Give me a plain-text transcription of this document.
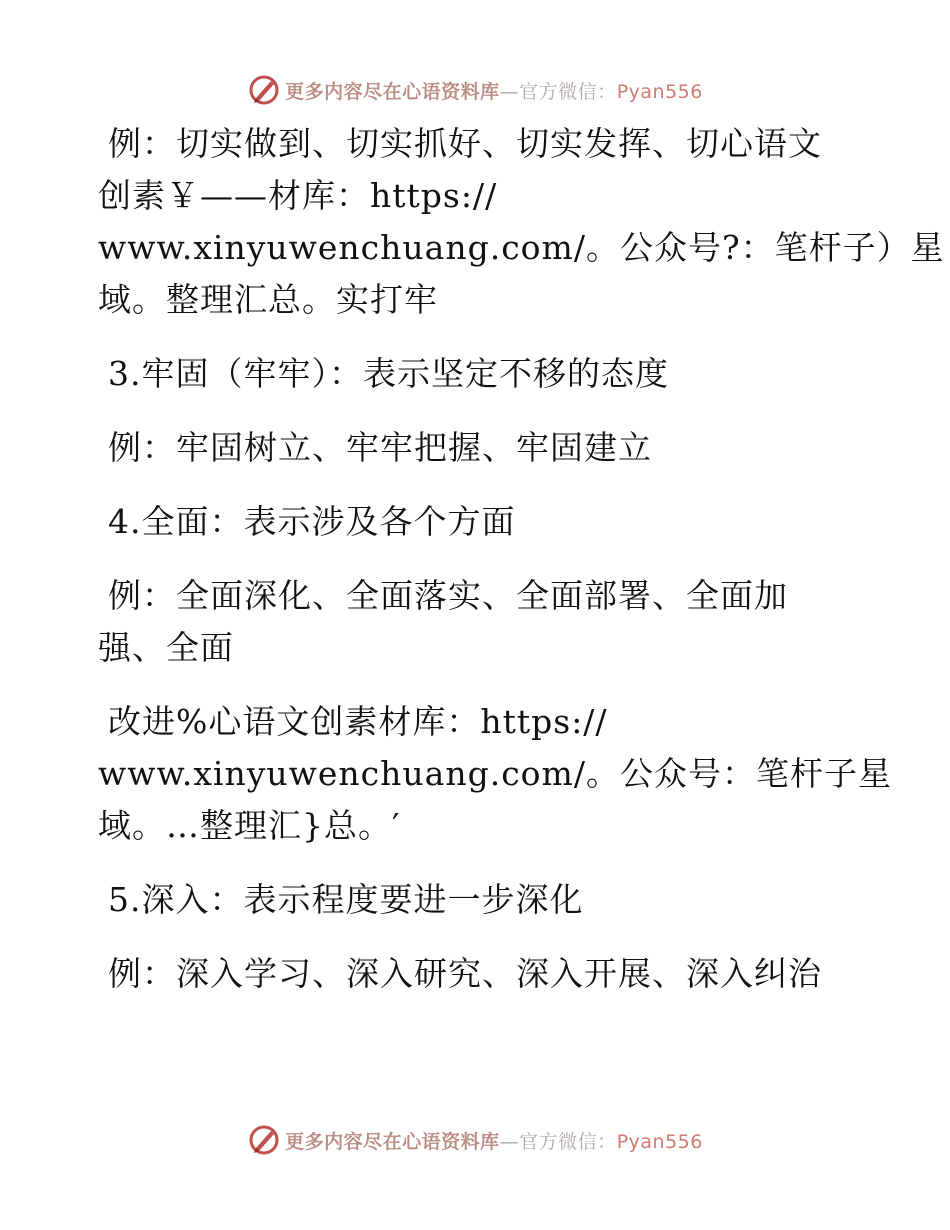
更多内容尽在心语资料库—官方微信：Pyan556
例：切实做到、切实抓好、切实发挥、切心语文
创素￥——材库：https://
www.xinyuwenchuang.com/。公众号?：笔杆子）星
域。整理汇总。实打牢
3.牢固（牢牢）：表示坚定不移的态度
例：牢固树立、牢牢把握、牢固建立
4.全面：表示涉及各个方面
例：全面深化、全面落实、全面部署、全面加
强、全面
改进%心语文创素材库：https://
www.xinyuwenchuang.com/。公众号：笔杆子星
域。…整理汇}总。′
5.深入：表示程度要进一步深化
例：深入学习、深入研究、深入开展、深入纠治
更多内容尽在心语资料库—官方微信：Pyan556
